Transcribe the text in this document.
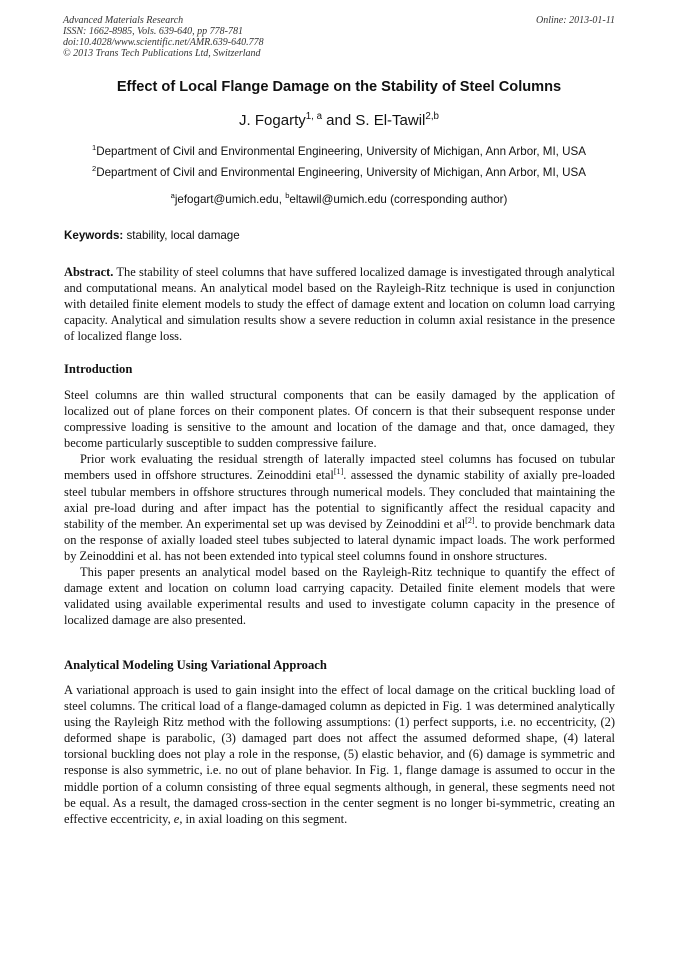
Advanced Materials Research
ISSN: 1662-8985, Vols. 639-640, pp 778-781
doi:10.4028/www.scientific.net/AMR.639-640.778
© 2013 Trans Tech Publications Ltd, Switzerland
Online: 2013-01-11
Effect of Local Flange Damage on the Stability of Steel Columns
J. Fogarty$^{1, a}$ and S. El-Tawil$^{2,b}$
$^1$Department of Civil and Environmental Engineering, University of Michigan, Ann Arbor, MI, USA
$^2$Department of Civil and Environmental Engineering, University of Michigan, Ann Arbor, MI, USA
$^a$jefogart@umich.edu, $^b$eltawil@umich.edu (corresponding author)
Keywords: stability, local damage

Abstract. The stability of steel columns that have suffered localized damage is investigated through analytical and computational means. An analytical model based on the Rayleigh-Ritz technique is used in conjunction with detailed finite element models to study the effect of damage extent and location on column load carrying capacity. Analytical and simulation results show a severe reduction in column axial resistance in the presence of localized flange loss.

Introduction

Steel columns are thin walled structural components that can be easily damaged by the application of localized out of plane forces on their component plates. Of concern is that their subsequent response under compressive loading is sensitive to the amount and location of the damage and that, once damaged, they become particularly susceptible to sudden compressive failure.

Prior work evaluating the residual strength of laterally impacted steel columns has focused on tubular members used in offshore structures. Zeinoddini etal[1]. assessed the dynamic stability of axially pre-loaded steel tubular members in offshore structures through numerical models. They concluded that maintaining the axial pre-load during and after impact has the potential to significantly affect the residual capacity and stability of the member. An experimental set up was devised by Zeinoddini et al[2]. to provide benchmark data on the response of axially loaded steel tubes subjected to lateral dynamic impact loads. The work performed by Zeinoddini et al. has not been extended into typical steel columns found in onshore structures.

This paper presents an analytical model based on the Rayleigh-Ritz technique to quantify the effect of damage extent and location on column load carrying capacity. Detailed finite element models that were validated using available experimental results and used to investigate column capacity in the presence of localized damage are also presented.

Analytical Modeling Using Variational Approach

A variational approach is used to gain insight into the effect of local damage on the critical buckling load of steel columns. The critical load of a flange-damaged column as depicted in Fig. 1 was determined analytically using the Rayleigh Ritz method with the following assumptions: (1) perfect supports, i.e. no eccentricity, (2) deformed shape is parabolic, (3) damaged part does not affect the assumed deformed shape, (4) lateral torsional buckling does not play a role in the response, (5) elastic behavior, and (6) damage is symmetric and response is also symmetric, i.e. no out of plane behavior. In Fig. 1, flange damage is assumed to occur in the middle portion of a column consisting of three equal segments although, in general, these segments need not be equal. As a result, the damaged cross-section in the center segment is no longer bi-symmetric, creating an effective eccentricity, e, in axial loading on this segment.
